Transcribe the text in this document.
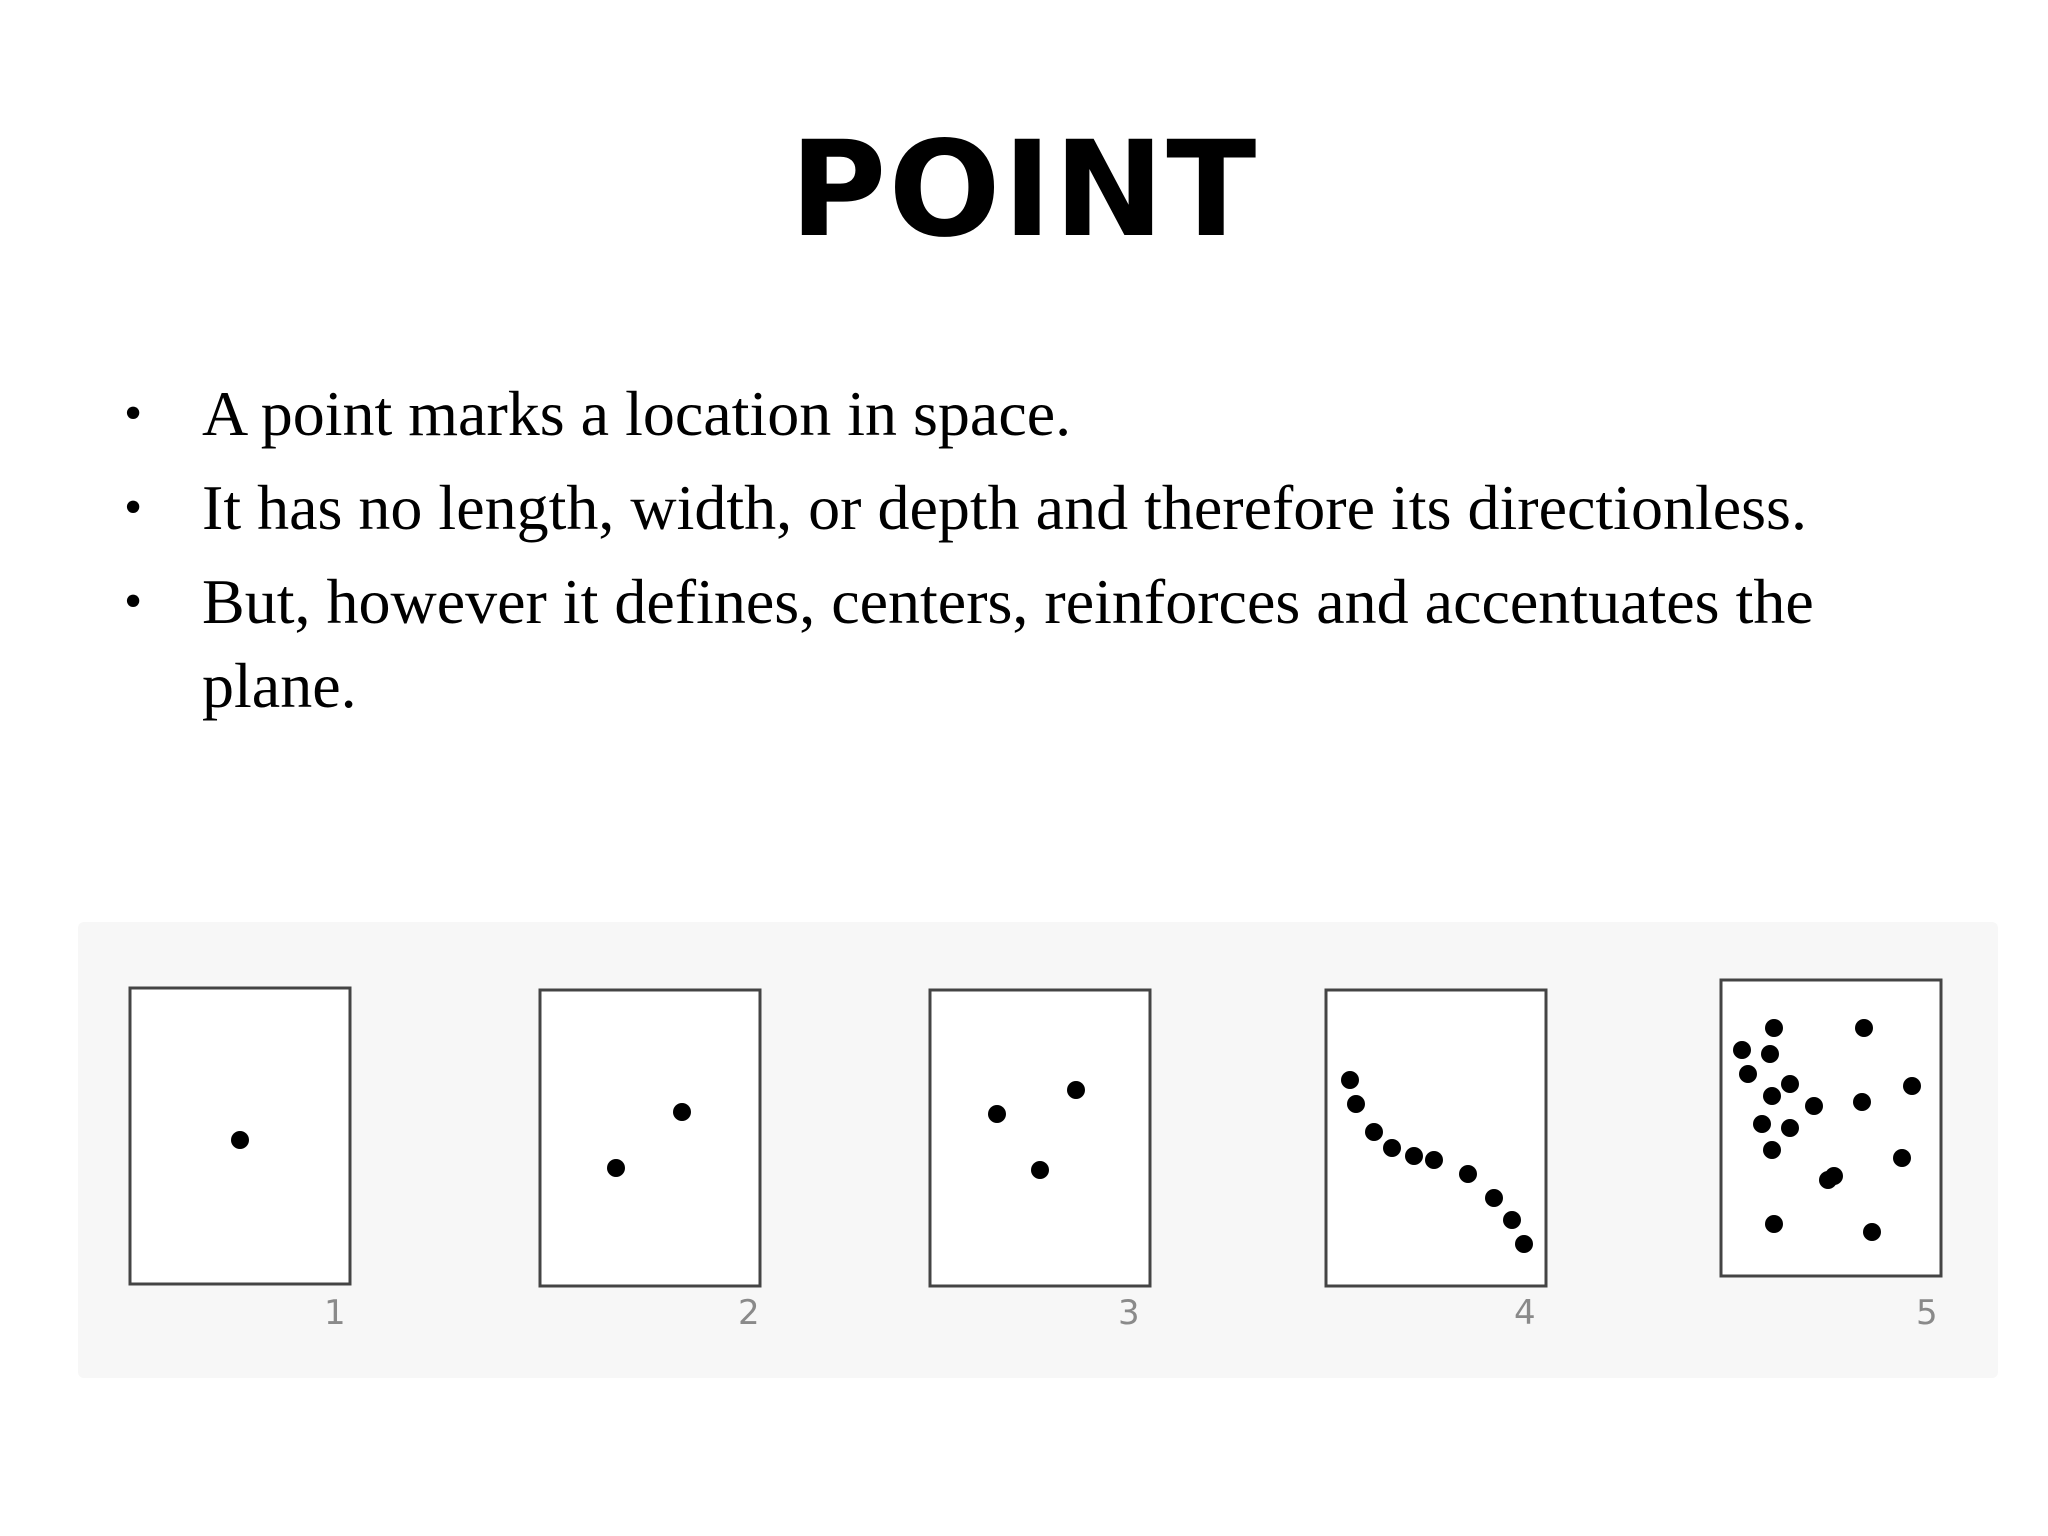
POINT
• A point marks a location in space.
• It has no length, width, or depth and therefore its directionless.
• But, however it defines, centers, reinforces and accentuates the plane.
1	2	3	4	5
